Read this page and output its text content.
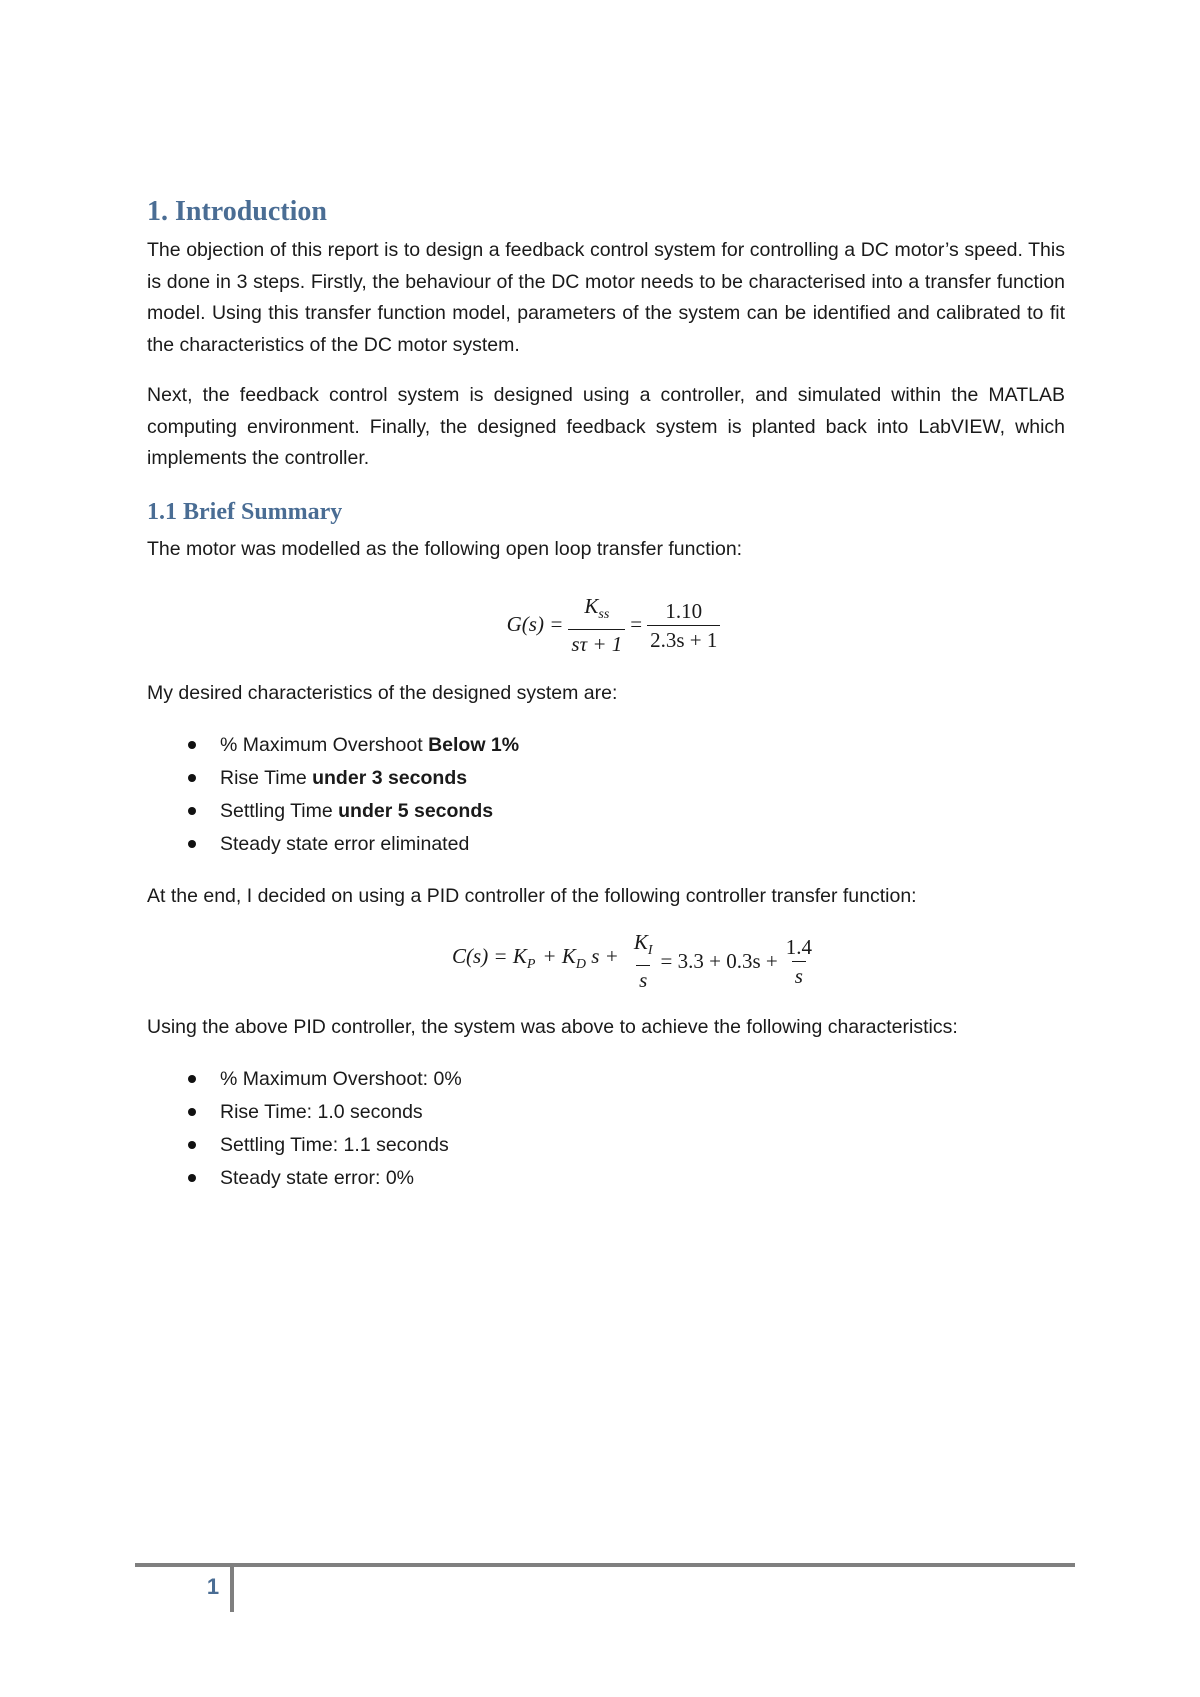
1. Introduction

The objection of this report is to design a feedback control system for controlling a DC motor’s speed. This is done in 3 steps. Firstly, the behaviour of the DC motor needs to be characterised into a transfer function model. Using this transfer function model, parameters of the system can be identified and calibrated to fit the characteristics of the DC motor system.

Next, the feedback control system is designed using a controller, and simulated within the MATLAB computing environment. Finally, the designed feedback system is planted back into LabVIEW, which implements the controller.

1.1 Brief Summary

The motor was modelled as the following open loop transfer function:

$G(s) = \frac{K_{ss}}{s\tau + 1} = \frac{1.10}{2.3s + 1}$

My desired characteristics of the designed system are:

% Maximum Overshoot Below 1%
Rise Time under 3 seconds
Settling Time under 5 seconds
Steady state error eliminated

At the end, I decided on using a PID controller of the following controller transfer function:

$C(s) = K_P + K_D$ $s + \frac{K_I}{s} = 3.3 + 0.3s + \frac{1.4}{s}$

Using the above PID controller, the system was above to achieve the following characteristics:

% Maximum Overshoot: 0%
Rise Time: 1.0 seconds
Settling Time: 1.1 seconds
Steady state error: 0%
1
